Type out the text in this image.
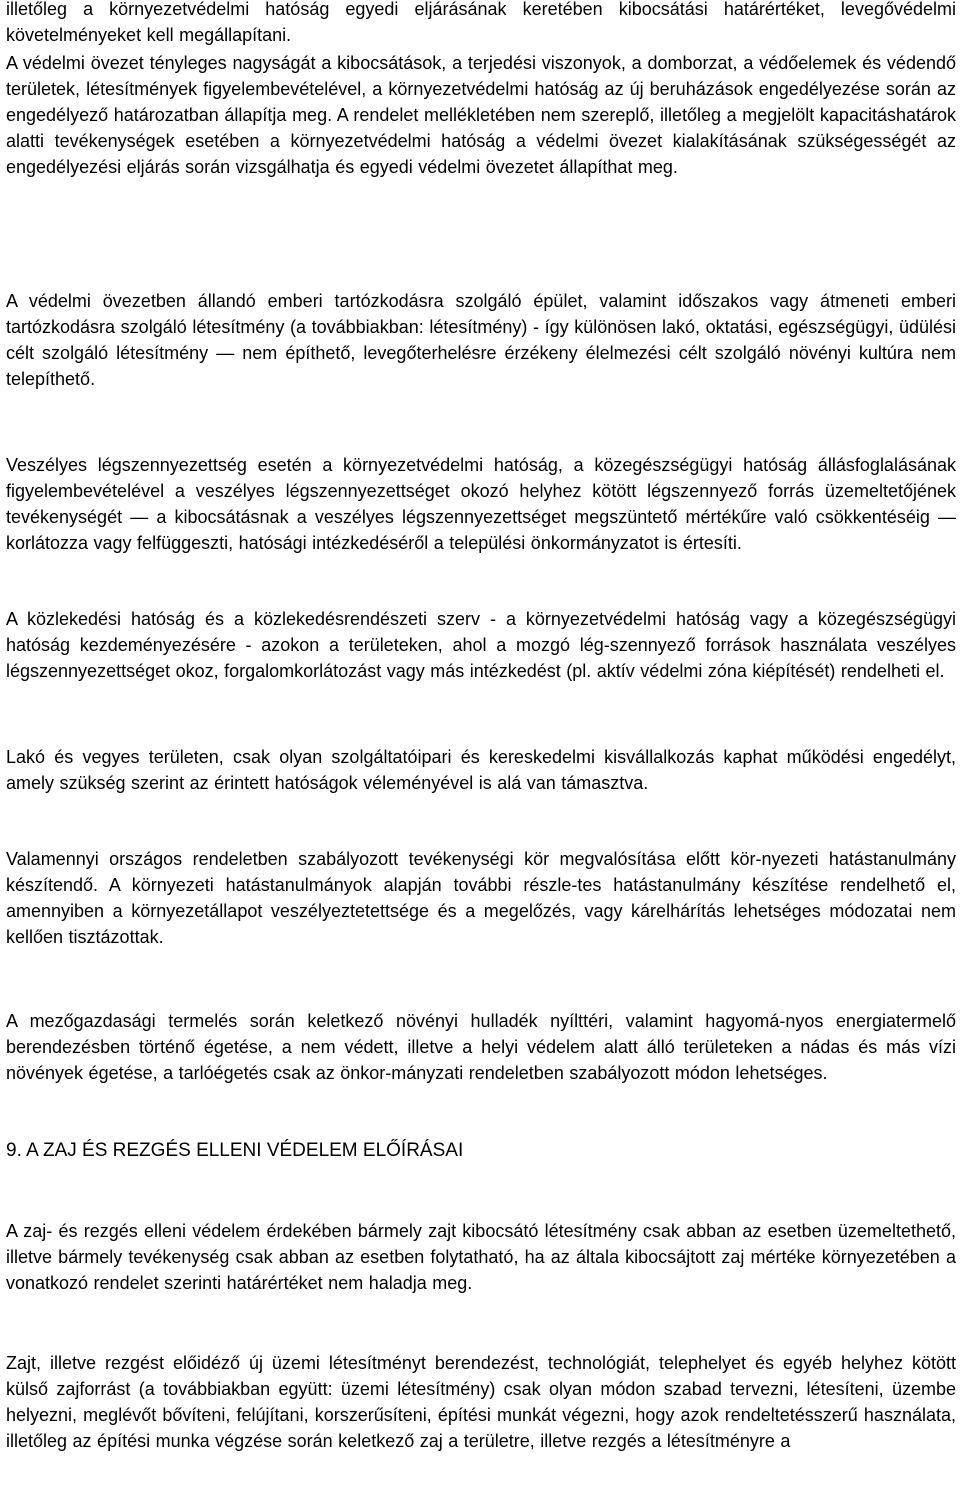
illetőleg a környezetvédelmi hatóság egyedi eljárásának keretében kibocsátási határértéket, levegővédelmi követelményeket kell megállapítani.

A védelmi övezet tényleges nagyságát a kibocsátások, a terjedési viszonyok, a domborzat, a védőelemek és védendő területek, létesítmények figyelembevételével, a környezetvédelmi hatóság az új beruházások engedélyezése során az engedélyező határozatban állapítja meg. A rendelet mellékletében nem szereplő, illetőleg a megjelölt kapacitáshatárok alatti tevékenységek esetében a környezetvédelmi hatóság a védelmi övezet kialakításának szükségességét az engedélyezési eljárás során vizsgálhatja és egyedi védelmi övezetet állapíthat meg.

A védelmi övezetben állandó emberi tartózkodásra szolgáló épület, valamint időszakos vagy átmeneti emberi tartózkodásra szolgáló létesítmény (a továbbiakban: létesítmény) - így különösen lakó, oktatási, egészségügyi, üdülési célt szolgáló létesítmény — nem építhető, levegőterhelésre érzékeny élelmezési célt szolgáló növényi kultúra nem telepíthető.

Veszélyes légszennyezettség esetén a környezetvédelmi hatóság, a közegészségügyi hatóság állásfoglalásának figyelembevételével a veszélyes légszennyezettséget okozó helyhez kötött légszennyező forrás üzemeltetőjének tevékenységét — a kibocsátásnak a veszélyes légszennyezettséget megszüntető mértékűre való csökkentéséig — korlátozza vagy felfüggeszti, hatósági intézkedéséről a települési önkormányzatot is értesíti.

A közlekedési hatóság és a közlekedésrendészeti szerv - a környezetvédelmi hatóság vagy a közegészségügyi hatóság kezdeményezésére - azokon a területeken, ahol a mozgó lég-szennyező források használata veszélyes légszennyezettséget okoz, forgalomkorlátozást vagy más intézkedést (pl. aktív védelmi zóna kiépítését) rendelheti el.

Lakó és vegyes területen, csak olyan szolgáltatóipari és kereskedelmi kisvállalkozás kaphat működési engedélyt, amely szükség szerint az érintett hatóságok véleményével is alá van támasztva.

Valamennyi országos rendeletben szabályozott tevékenységi kör megvalósítása előtt kör-nyezeti hatástanulmány készítendő. A környezeti hatástanulmányok alapján további részle-tes hatástanulmány készítése rendelhető el, amennyiben a környezetállapot veszélyeztetettsége és a megelőzés, vagy kárelhárítás lehetséges módozatai nem kellően tisztázottak.

A mezőgazdasági termelés során keletkező növényi hulladék nyílttéri, valamint hagyomá-nyos energiatermelő berendezésben történő égetése, a nem védett, illetve a helyi védelem alatt álló területeken a nádas és más vízi növények égetése, a tarlóégetés csak az önkor-mányzati rendeletben szabályozott módon lehetséges.

9. A ZAJ ÉS REZGÉS ELLENI VÉDELEM ELŐÍRÁSAI

A zaj- és rezgés elleni védelem érdekében bármely zajt kibocsátó létesítmény csak abban az esetben üzemeltethető, illetve bármely tevékenység csak abban az esetben folytatható, ha az általa kibocsájtott zaj mértéke környezetében a vonatkozó rendelet szerinti határértéket nem haladja meg.

Zajt, illetve rezgést előidéző új üzemi létesítményt berendezést, technológiát, telephelyet és egyéb helyhez kötött külső zajforrást (a továbbiakban együtt: üzemi létesítmény) csak olyan módon szabad tervezni, létesíteni, üzembe helyezni, meglévőt bővíteni, felújítani, korszerűsíteni, építési munkát végezni, hogy azok rendeltetésszerű használata, illetőleg az építési munka végzése során keletkező zaj a területre, illetve rezgés a létesítményre a
